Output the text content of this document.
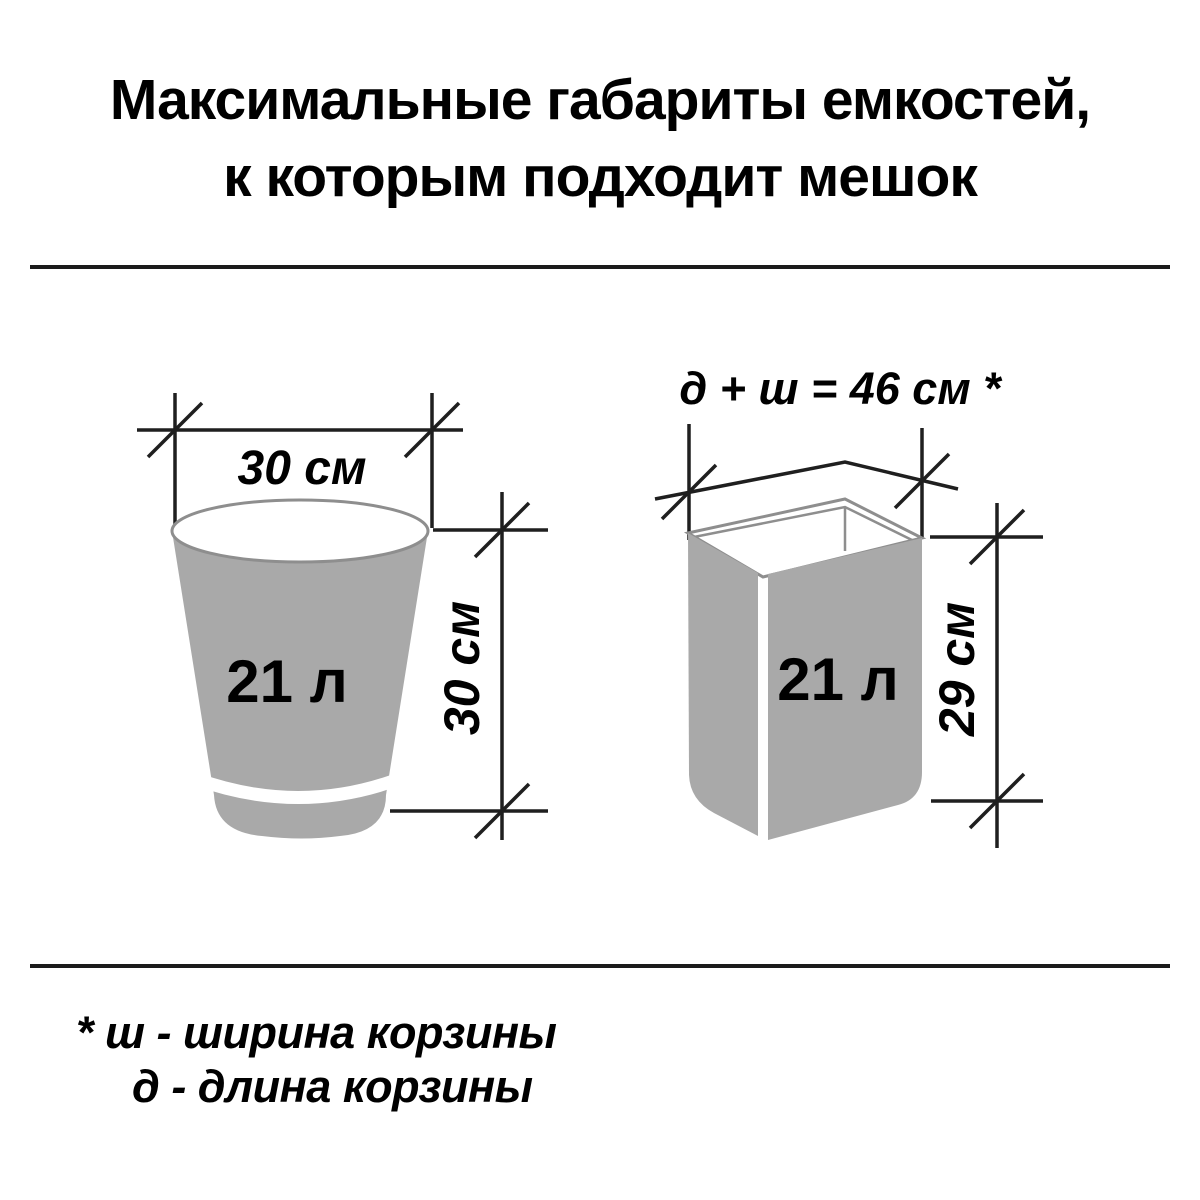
Максимальные габариты емкостей,
к которым подходит мешок
30 см
21 л 30 см
д + ш = 46 см *
21 л 29 см
* ш - ширина корзины
д - длина корзины
